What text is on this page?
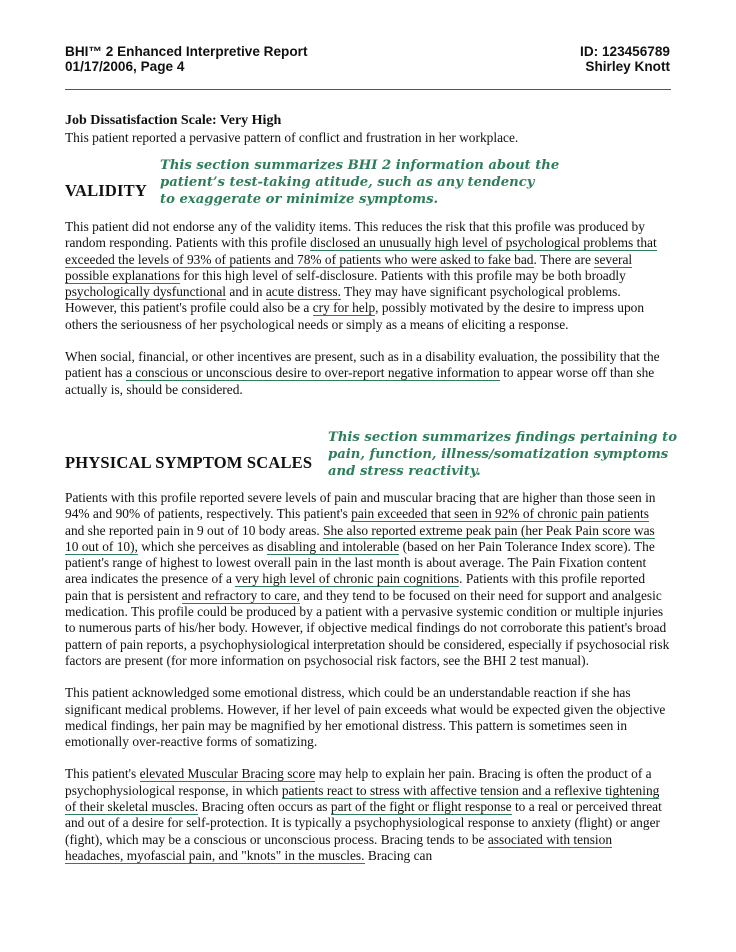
BHI™ 2 Enhanced Interpretive Report
01/17/2006, Page 4
ID: 123456789
Shirley Knott
Job Dissatisfaction Scale: Very High
This patient reported a pervasive pattern of conflict and frustration in her workplace.
VALIDITY
This section summarizes BHI 2 information about the
patient’s test-taking atitude, such as any tendency
to exaggerate or minimize symptoms.

This patient did not endorse any of the validity items. This reduces the risk that this profile was produced by random responding. Patients with this profile disclosed an unusually high level of psychological problems that exceeded the levels of 93% of patients and 78% of patients who were asked to fake bad. There are several possible explanations for this high level of self-disclosure. Patients with this profile may be both broadly psychologically dysfunctional and in acute distress. They may have significant psychological problems. However, this patient's profile could also be a cry for help, possibly motivated by the desire to impress upon others the seriousness of her psychological needs or simply as a means of eliciting a response.

When social, financial, or other incentives are present, such as in a disability evaluation, the possibility that the patient has a conscious or unconscious desire to over-report negative information to appear worse off than she actually is, should be considered.

PHYSICAL SYMPTOM SCALES
This section summarizes findings pertaining to
pain, function, illness/somatization symptoms
and stress reactivity.

Patients with this profile reported severe levels of pain and muscular bracing that are higher than those seen in 94% and 90% of patients, respectively. This patient's pain exceeded that seen in 92% of chronic pain patients and she reported pain in 9 out of 10 body areas. She also reported extreme peak pain (her Peak Pain score was 10 out of 10), which she perceives as disabling and intolerable (based on her Pain Tolerance Index score). The patient's range of highest to lowest overall pain in the last month is about average. The Pain Fixation content area indicates the presence of a very high level of chronic pain cognitions. Patients with this profile reported pain that is persistent and refractory to care, and they tend to be focused on their need for support and analgesic medication. This profile could be produced by a patient with a pervasive systemic condition or multiple injuries to numerous parts of his/her body. However, if objective medical findings do not corroborate this patient's broad pattern of pain reports, a psychophysiological interpretation should be considered, especially if psychosocial risk factors are present (for more information on psychosocial risk factors, see the BHI 2 test manual).

This patient acknowledged some emotional distress, which could be an understandable reaction if she has significant medical problems. However, if her level of pain exceeds what would be expected given the objective medical findings, her pain may be magnified by her emotional distress. This pattern is sometimes seen in emotionally over-reactive forms of somatizing.

This patient's elevated Muscular Bracing score may help to explain her pain. Bracing is often the product of a psychophysiological response, in which patients react to stress with affective tension and a reflexive tightening of their skeletal muscles. Bracing often occurs as part of the fight or flight response to a real or perceived threat and out of a desire for self-protection. It is typically a psychophysiological response to anxiety (flight) or anger (fight), which may be a conscious or unconscious process. Bracing tends to be associated with tension headaches, myofascial pain, and "knots" in the muscles. Bracing can
